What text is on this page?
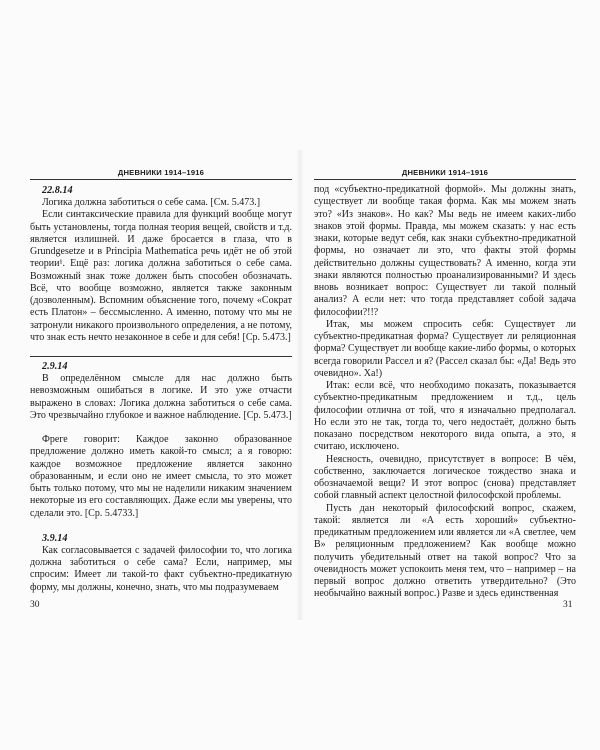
ДНЕВНИКИ 1914–1916
22.8.14

Логика должна заботиться о себе сама. [См. 5.473.]

Если синтаксические правила для функций вообще могут быть установлены, тогда полная теория вещей, свойств и т.д. является излишней. И даже бросается в глаза, что в Grundgesetze и в Principia Mathematica речь идёт не об этой теории¹. Ещё раз: логика должна заботиться о себе сама. Возможный знак тоже должен быть способен обозначать. Всё, что вообще возможно, является также законным (дозволенным). Вспомним объяснение того, почему «Сократ есть Платон» – бессмысленно. А именно, потому что мы не затронули никакого произвольного определения, а не потому, что знак есть нечто незаконное в себе и для себя! [Ср. 5.473.]

2.9.14

В определённом смысле для нас должно быть невозможным ошибаться в логике. И это уже отчасти выражено в словах: Логика должна заботиться о себе сама. Это чрезвычайно глубокое и важное наблюдение. [Ср. 5.473.]

Фреге говорит: Каждое законно образованное предложение должно иметь какой-то смысл; а я говорю: каждое возможное предложение является законно образованным, и если оно не имеет смысла, то это может быть только потому, что мы не наделили никаким значением некоторые из его составляющих. Даже если мы уверены, что сделали это. [Ср. 5.4733.]

3.9.14

Как согласовывается с задачей философии то, что логика должна заботиться о себе сама? Если, например, мы спросим: Имеет ли такой-то факт субъектно-предикатную форму, мы должны, конечно, знать, что мы подразумеваем

30
ДНЕВНИКИ 1914–1916

под «субъектно-предикатной формой». Мы должны знать, существует ли вообще такая форма. Как мы можем знать это? «Из знаков». Но как? Мы ведь не имеем каких-либо знаков этой формы. Правда, мы можем сказать: у нас есть знаки, которые ведут себя, как знаки субъектно-предикатной формы, но означает ли это, что факты этой формы действительно должны существовать? А именно, когда эти знаки являются полностью проанализированными? И здесь вновь возникает вопрос: Существует ли такой полный анализ? А если нет: что тогда представляет собой задача философии?!!?

Итак, мы можем спросить себя: Существует ли субъектно-предикатная форма? Существует ли реляционная форма? Существует ли вообще какие-либо формы, о которых всегда говорили Рассел и я? (Рассел сказал бы: «Да! Ведь это очевидно». Ха!)

Итак: если всё, что необходимо показать, показывается субъектно-предикатным предложением и т.д., цель философии отлична от той, что я изначально предполагал. Но если это не так, тогда то, чего недостаёт, должно быть показано посредством некоторого вида опыта, а это, я считаю, исключено.

Неясность, очевидно, присутствует в вопросе: В чём, собственно, заключается логическое тождество знака и обозначаемой вещи? И этот вопрос (снова) представляет собой главный аспект целостной философской проблемы.

Пусть дан некоторый философский вопрос, скажем, такой: является ли «А есть хороший» субъектно-предикатным предложением или является ли «А светлее, чем В» реляционным предложением? Как вообще можно получить убедительный ответ на такой вопрос? Что за очевидность может успокоить меня тем, что – например – на первый вопрос должно ответить утвердительно? (Это необычайно важный вопрос.) Разве и здесь единственная

31
